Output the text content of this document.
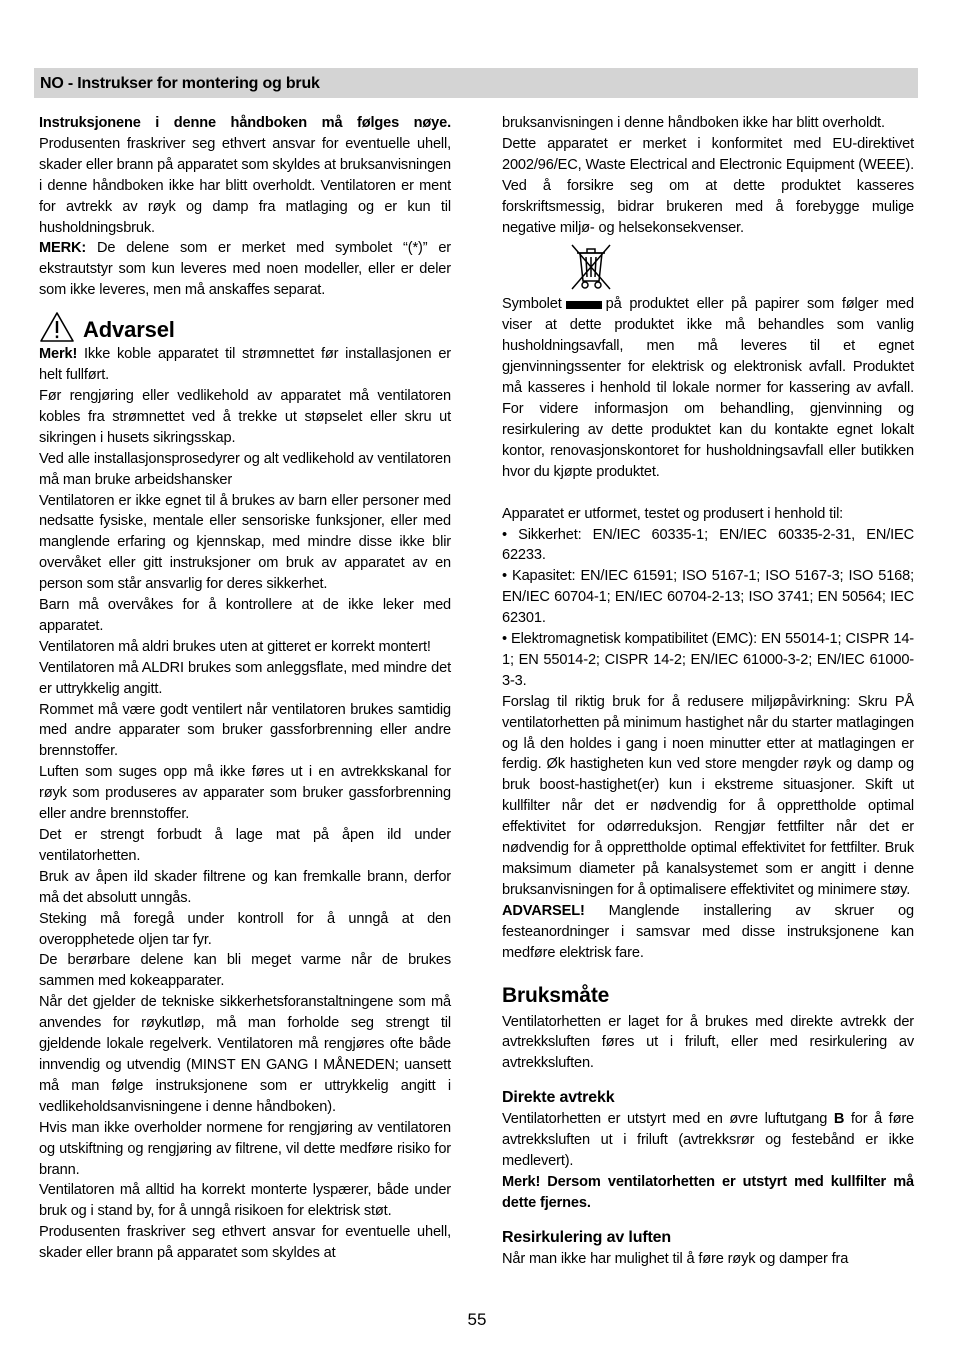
NO - Instrukser for montering og bruk

Instruksjonene i denne håndboken må følges nøye. Produsenten fraskriver seg ethvert ansvar for eventuelle uhell, skader eller brann på apparatet som skyldes at bruksanvisningen i denne håndboken ikke har blitt overholdt. Ventilatoren er ment for avtrekk av røyk og damp fra matlaging og er kun til husholdningsbruk.

MERK: De delene som er merket med symbolet “(*)” er ekstrautstyr som kun leveres med noen modeller, eller er deler som ikke leveres, men må anskaffes separat.

Advarsel

Merk! Ikke koble apparatet til strømnettet før installasjonen er helt fullført.

Før rengjøring eller vedlikehold av apparatet må ventilatoren kobles fra strømnettet ved å trekke ut støpselet eller skru ut sikringen i husets sikringsskap.

Ved alle installasjonsprosedyrer og alt vedlikehold av ventilatoren må man bruke arbeidshansker

Ventilatoren er ikke egnet til å brukes av barn eller personer med nedsatte fysiske, mentale eller sensoriske funksjoner, eller med manglende erfaring og kjennskap, med mindre disse ikke blir overvåket eller gitt instruksjoner om bruk av apparatet av en person som står ansvarlig for deres sikkerhet.

Barn må overvåkes for å kontrollere at de ikke leker med apparatet.

Ventilatoren må aldri brukes uten at gitteret er korrekt montert!

Ventilatoren må ALDRI brukes som anleggsflate, med mindre det er uttrykkelig angitt.

Rommet må være godt ventilert når ventilatoren brukes samtidig med andre apparater som bruker gassforbrenning eller andre brennstoffer.

Luften som suges opp må ikke føres ut i en avtrekkskanal for røyk som produseres av apparater som bruker gassforbrenning eller andre brennstoffer.

Det er strengt forbudt å lage mat på åpen ild under ventilatorhetten.

Bruk av åpen ild skader filtrene og kan fremkalle brann, derfor må det absolutt unngås.

Steking må foregå under kontroll for å unngå at den overopphetede oljen tar fyr.

De berørbare delene kan bli meget varme når de brukes sammen med kokeapparater.

Når det gjelder de tekniske sikkerhetsforanstaltningene som må anvendes for røykutløp, må man forholde seg strengt til gjeldende lokale regelverk. Ventilatoren må rengjøres ofte både innvendig og utvendig (MINST EN GANG I MÅNEDEN; uansett må man følge instruksjonene som er uttrykkelig angitt i vedlikeholdsanvisningene i denne håndboken).

Hvis man ikke overholder normene for rengjøring av ventilatoren og utskiftning og rengjøring av filtrene, vil dette medføre risiko for brann.

Ventilatoren må alltid ha korrekt monterte lyspærer, både under bruk og i stand by, for å unngå risikoen for elektrisk støt.

Produsenten fraskriver seg ethvert ansvar for eventuelle uhell, skader eller brann på apparatet som skyldes at

bruksanvisningen i denne håndboken ikke har blitt overholdt.

Dette apparatet er merket i konformitet med EU-direktivet 2002/96/EC, Waste Electrical and Electronic Equipment (WEEE). Ved å forsikre seg om at dette produktet kasseres forskriftsmessig, bidrar brukeren med å forebygge mulige negative miljø- og helsekonsekvenser.

Symbolet	på produktet eller på papirer som følger med viser at dette produktet ikke må behandles som vanlig husholdningsavfall, men må leveres til et egnet gjenvinningssenter for elektrisk og elektronisk avfall. Produktet må kasseres i henhold til lokale normer for kassering av avfall. For videre informasjon om behandling, gjenvinning og resirkulering av dette produktet kan du kontakte egnet lokalt kontor, renovasjonskontoret for husholdningsavfall eller butikken hvor du kjøpte produktet.

Apparatet er utformet, testet og produsert i henhold til:

• Sikkerhet: EN/IEC 60335-1; EN/IEC 60335-2-31, EN/IEC 62233.

• Kapasitet: EN/IEC 61591; ISO 5167-1; ISO 5167-3; ISO 5168; EN/IEC 60704-1; EN/IEC 60704-2-13; ISO 3741; EN 50564; IEC 62301.

• Elektromagnetisk kompatibilitet (EMC): EN 55014-1; CISPR 14-1; EN 55014-2; CISPR 14-2; EN/IEC 61000-3-2; EN/IEC 61000-3-3.

Forslag til riktig bruk for å redusere miljøpåvirkning: Skru PÅ ventilatorhetten på minimum hastighet når du starter matlagingen og lå den holdes i gang i noen minutter etter at matlagingen er ferdig. Øk hastigheten kun ved store mengder røyk og damp og bruk boost-hastighet(er) kun i ekstreme situasjoner. Skift ut kullfilter når det er nødvendig for å opprettholde optimal effektivitet for odørreduksjon. Rengjør fettfilter når det er nødvendig for å opprettholde optimal effektivitet for fettfilter. Bruk maksimum diameter på kanalsystemet som er angitt i denne bruksanvisningen for å optimalisere effektivitet og minimere støy.

ADVARSEL! Manglende installering av skruer og festeanordninger i samsvar med disse instruksjonene kan medføre elektrisk fare.

Bruksmåte

Ventilatorhetten er laget for å brukes med direkte avtrekk der avtrekksluften føres ut i friluft, eller med resirkulering av avtrekksluften.

Direkte avtrekk

Ventilatorhetten er utstyrt med en øvre luftutgang B for å føre avtrekksluften ut i friluft (avtrekksrør og festebånd er ikke medlevert).

Merk! Dersom ventilatorhetten er utstyrt med kullfilter må dette fjernes.

Resirkulering av luften

Når man ikke har mulighet til å føre røyk og damper fra

55
